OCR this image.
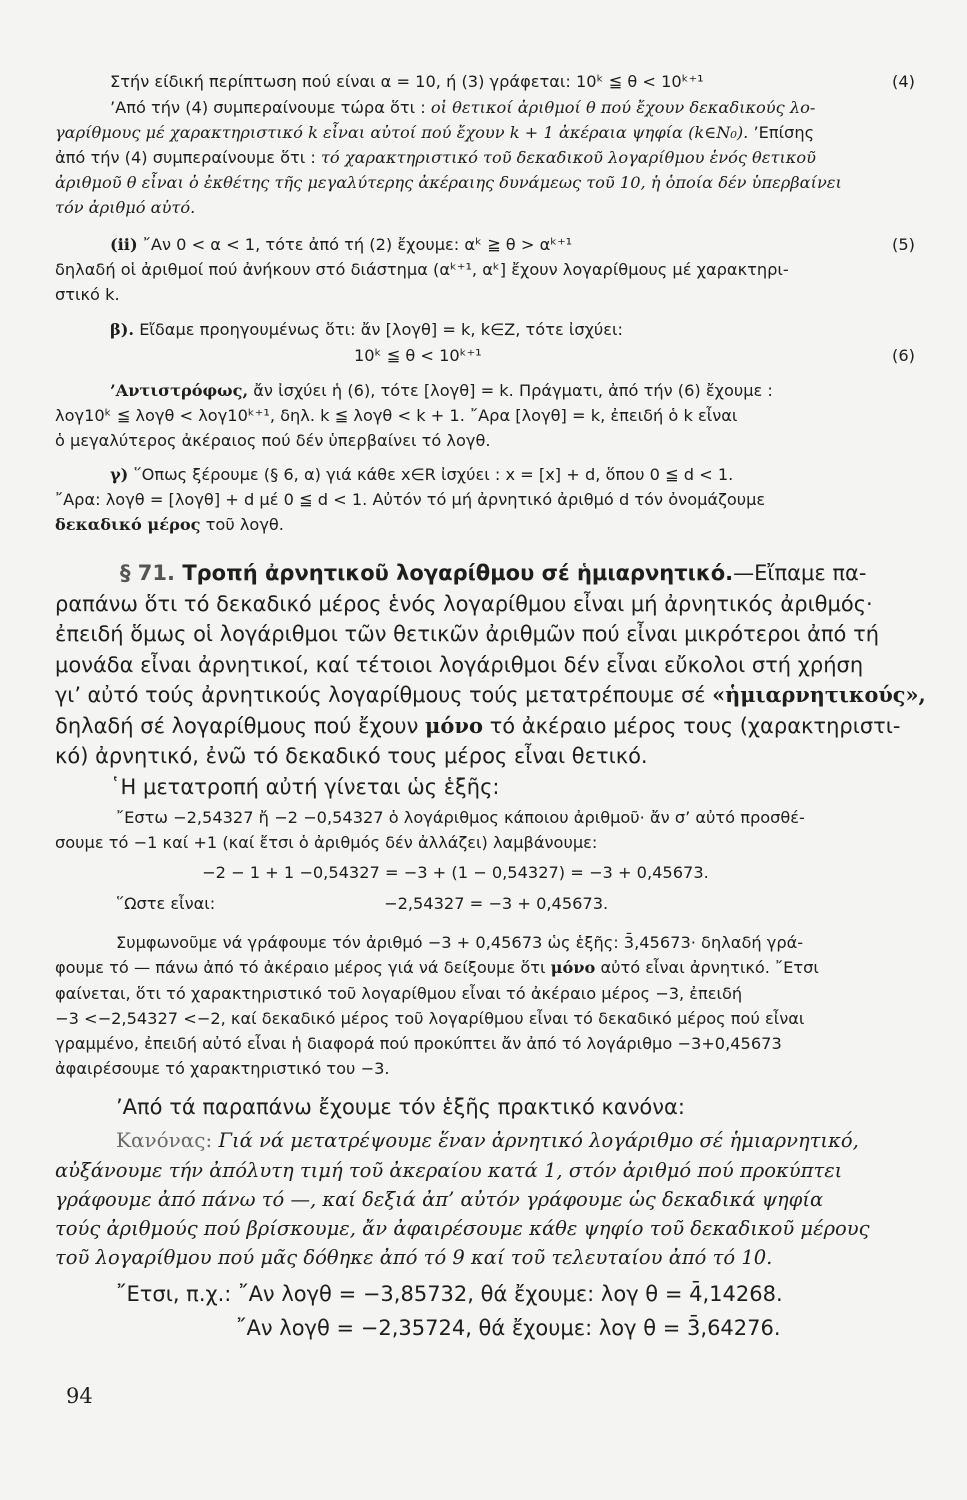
Στήν είδική περίπτωση πού είναι α = 10, ή (3) γράφεται: 10ᵏ ≦ θ < 10ᵏ⁺¹	(4)
’Από τήν (4) συμπεραίνουμε τώρα ὅτι : οἱ θετικοί ἀριθμοί θ πού ἔχουν δεκαδικούς λο-
γαρίθμους μέ χαρακτηριστικό k εἶναι αὐτοί πού ἔχουν k + 1 ἀκέραια ψηφία (k∈N₀). ’Επίσης
ἀπό τήν (4) συμπεραίνουμε ὅτι : τό χαρακτηριστικό τοῦ δεκαδικοῦ λογαρίθμου ἑνός θετικοῦ
ἀριθμοῦ θ εἶναι ὁ ἐκθέτης τῆς μεγαλύτερης ἀκέραιης δυνάμεως τοῦ 10, ἡ ὁποία δέν ὑπερβαίνει
τόν ἀριθμό αὐτό.
(ii) ῎Αν 0 < α < 1, τότε ἀπό τή (2) ἔχουμε: αᵏ ≧ θ > αᵏ⁺¹	(5)
δηλαδή οἱ ἀριθμοί πού ἀνήκουν στό διάστημα (αᵏ⁺¹, αᵏ] ἔχουν λογαρίθμους μέ χαρακτηρι-
στικό k.
β). Εἴδαμε προηγουμένως ὅτι: ἄν [λογθ] = k, k∈Z, τότε ἰσχύει:
10ᵏ ≦ θ < 10ᵏ⁺¹	(6)
’Αντιστρόφως, ἄν ἰσχύει ἡ (6), τότε [λογθ] = k. Πράγματι, ἀπό τήν (6) ἔχουμε :
λογ10ᵏ ≦ λογθ < λογ10ᵏ⁺¹, δηλ. k ≦ λογθ < k + 1. ῎Αρα [λογθ] = k, ἐπειδή ὁ k εἶναι
ὁ μεγαλύτερος ἀκέραιος πού δέν ὑπερβαίνει τό λογθ.
γ) ῞Οπως ξέρουμε (§ 6, α) γιά κάθε x∈R ἰσχύει : x = [x] + d, ὅπου 0 ≦ d < 1.
῎Αρα: λογθ = [λογθ] + d μέ 0 ≦ d < 1. Αὐτόν τό μή ἀρνητικό ἀριθμό d τόν ὀνομάζουμε
δεκαδικό μέρος τοῦ λογθ.
§ 71. Τροπή ἀρνητικοῦ λογαρίθμου σέ ἡμιαρνητικό.—Εἴπαμε πα-
ραπάνω ὅτι τό δεκαδικό μέρος ἑνός λογαρίθμου εἶναι μή ἀρνητικός ἀριθμός·
ἐπειδή ὅμως οἱ λογάριθμοι τῶν θετικῶν ἀριθμῶν πού εἶναι μικρότεροι ἀπό τή
μονάδα εἶναι ἀρνητικοί, καί τέτοιοι λογάριθμοι δέν εἶναι εὔκολοι στή χρήση
γι’ αὐτό τούς ἀρνητικούς λογαρίθμους τούς μετατρέπουμε σέ «ἡμιαρνητικούς»,
δηλαδή σέ λογαρίθμους πού ἔχουν μόνο τό ἀκέραιο μέρος τους (χαρακτηριστι-
κό) ἀρνητικό, ἐνῶ τό δεκαδικό τους μέρος εἶναι θετικό.
῾Η μετατροπή αὐτή γίνεται ὡς ἑξῆς:
῎Εστω −2,54327 ἤ −2 −0,54327 ὁ λογάριθμος κάποιου ἀριθμοῦ· ἄν σ’ αὐτό προσθέ-
σουμε τό −1 καί +1 (καί ἔτσι ὁ ἀριθμός δέν ἀλλάζει) λαμβάνουμε:
−2 − 1 + 1 −0,54327 = −3 + (1 − 0,54327) = −3 + 0,45673.
῞Ωστε εἶναι:	−2,54327 = −3 + 0,45673.
Συμφωνοῦμε νά γράφουμε τόν ἀριθμό −3 + 0,45673 ὡς ἑξῆς: 3̄,45673· δηλαδή γρά-
φουμε τό — πάνω ἀπό τό ἀκέραιο μέρος γιά νά δείξουμε ὅτι μόνο αὐτό εἶναι ἀρνητικό. ῎Ετσι
φαίνεται, ὅτι τό χαρακτηριστικό τοῦ λογαρίθμου εἶναι τό ἀκέραιο μέρος −3, ἐπειδή
−3 <−2,54327 <−2, καί δεκαδικό μέρος τοῦ λογαρίθμου εἶναι τό δεκαδικό μέρος πού εἶναι
γραμμένο, ἐπειδή αὐτό εἶναι ἡ διαφορά πού προκύπτει ἄν ἀπό τό λογάριθμο −3+0,45673
ἀφαιρέσουμε τό χαρακτηριστικό του −3.
’Από τά παραπάνω ἔχουμε τόν ἑξῆς πρακτικό κανόνα:
Κανόνας: Γιά νά μετατρέψουμε ἕναν ἀρνητικό λογάριθμο σέ ἡμιαρνητικό,
αὐξάνουμε τήν ἀπόλυτη τιμή τοῦ ἀκεραίου κατά 1, στόν ἀριθμό πού προκύπτει
γράφουμε ἀπό πάνω τό —, καί δεξιά ἀπ’ αὐτόν γράφουμε ὡς δεκαδικά ψηφία
τούς ἀριθμούς πού βρίσκουμε, ἄν ἀφαιρέσουμε κάθε ψηφίο τοῦ δεκαδικοῦ μέρους
τοῦ λογαρίθμου πού μᾶς δόθηκε ἀπό τό 9 καί τοῦ τελευταίου ἀπό τό 10.
῎Ετσι, π.χ.: ῎Αν λογθ = −3,85732, θά ἔχουμε: λογ θ = 4̄,14268.
῎Αν λογθ = −2,35724, θά ἔχουμε: λογ θ = 3̄,64276.
94
